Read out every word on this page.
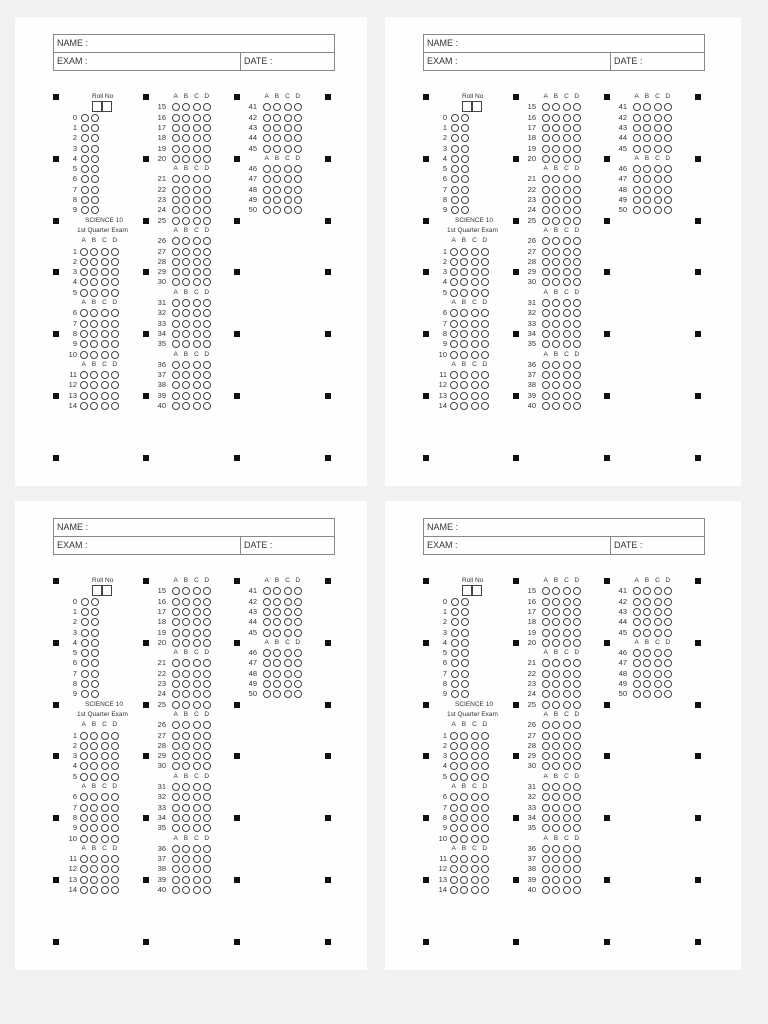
NAME :
EXAM :	DATE :
Roll No
0
1
2
3
4
5
6
7
8
9
SCIENCE 10
1st Quarter Exam
A B C D
1
2
3
4
5
A B C D
6
7
8
9
10
A B C D
11
12
13
14
A B C D
15
16
17
18
19
20
A B C D
21
22
23
24
25
A B C D
26
27
28
29
30
A B C D
31
32
33
34
35
A B C D
36
37
38
39
40
A B C D
41
42
43
44
45
A B C D
46
47
48
49
50
NAME :
EXAM :	DATE :
Roll No
0
1
2
3
4
5
6
7
8
9
SCIENCE 10
1st Quarter Exam
A B C D
1
2
3
4
5
A B C D
6
7
8
9
10
A B C D
11
12
13
14
A B C D
15
16
17
18
19
20
A B C D
21
22
23
24
25
A B C D
26
27
28
29
30
A B C D
31
32
33
34
35
A B C D
36
37
38
39
40
A B C D
41
42
43
44
45
A B C D
46
47
48
49
50
NAME :
EXAM :	DATE :
Roll No
0
1
2
3
4
5
6
7
8
9
SCIENCE 10
1st Quarter Exam
A B C D
1
2
3
4
5
A B C D
6
7
8
9
10
A B C D
11
12
13
14
A B C D
15
16
17
18
19
20
A B C D
21
22
23
24
25
A B C D
26
27
28
29
30
A B C D
31
32
33
34
35
A B C D
36
37
38
39
40
A B C D
41
42
43
44
45
A B C D
46
47
48
49
50
NAME :
EXAM :	DATE :
Roll No
0
1
2
3
4
5
6
7
8
9
SCIENCE 10
1st Quarter Exam
A B C D
1
2
3
4
5
A B C D
6
7
8
9
10
A B C D
11
12
13
14
A B C D
15
16
17
18
19
20
A B C D
21
22
23
24
25
A B C D
26
27
28
29
30
A B C D
31
32
33
34
35
A B C D
36
37
38
39
40
A B C D
41
42
43
44
45
A B C D
46
47
48
49
50
